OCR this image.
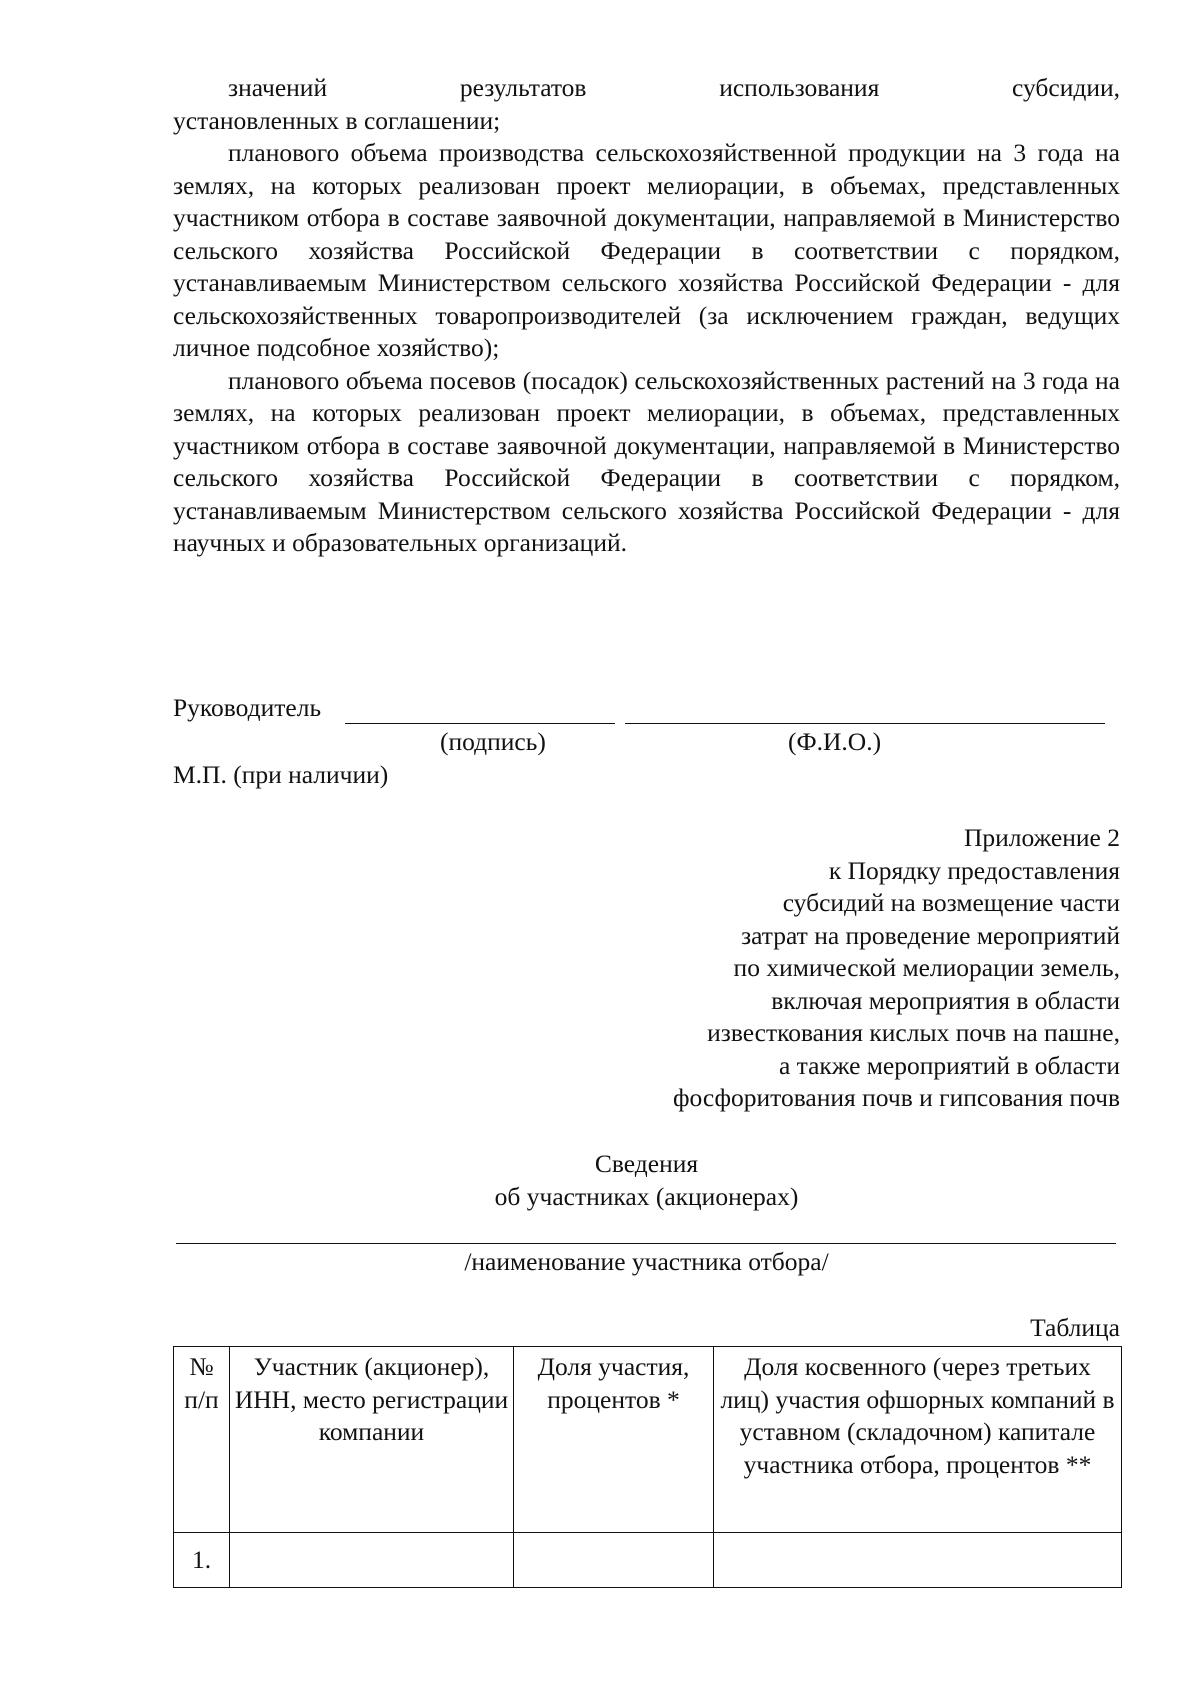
значений	результатов	использования	субсидии,

установленных в соглашении;

планового объема производства сельскохозяйственной продукции на 3 года на землях, на которых реализован проект мелиорации, в объемах, представленных участником отбора в составе заявочной документации, направляемой в Министерство сельского хозяйства Российской Федерации в соответствии с порядком, устанавливаемым Министерством сельского хозяйства Российской Федерации - для сельскохозяйственных товаропроизводителей (за исключением граждан, ведущих личное подсобное хозяйство);

планового объема посевов (посадок) сельскохозяйственных растений на 3 года на землях, на которых реализован проект мелиорации, в объемах, представленных участником отбора в составе заявочной документации, направляемой в Министерство сельского хозяйства Российской Федерации в соответствии с порядком, устанавливаемым Министерством сельского хозяйства Российской Федерации - для научных и образовательных организаций.

Руководитель
(подпись)	(Ф.И.О.)
М.П. (при наличии)
Приложение 2
к Порядку предоставления
субсидий на возмещение части
затрат на проведение мероприятий
по химической мелиорации земель,
включая мероприятия в области
известкования кислых почв на пашне,
а также мероприятий в области
фосфоритования почв и гипсования почв
Сведения
об участниках (акционерах)
/наименование участника отбора/
Таблица
№ п/п	Участник (акционер), ИНН, место регистрации компании	Доля участия, процентов *	Доля косвенного (через третьих лиц) участия офшорных компаний в уставном (складочном) капитале участника отбора, процентов **
1.			
